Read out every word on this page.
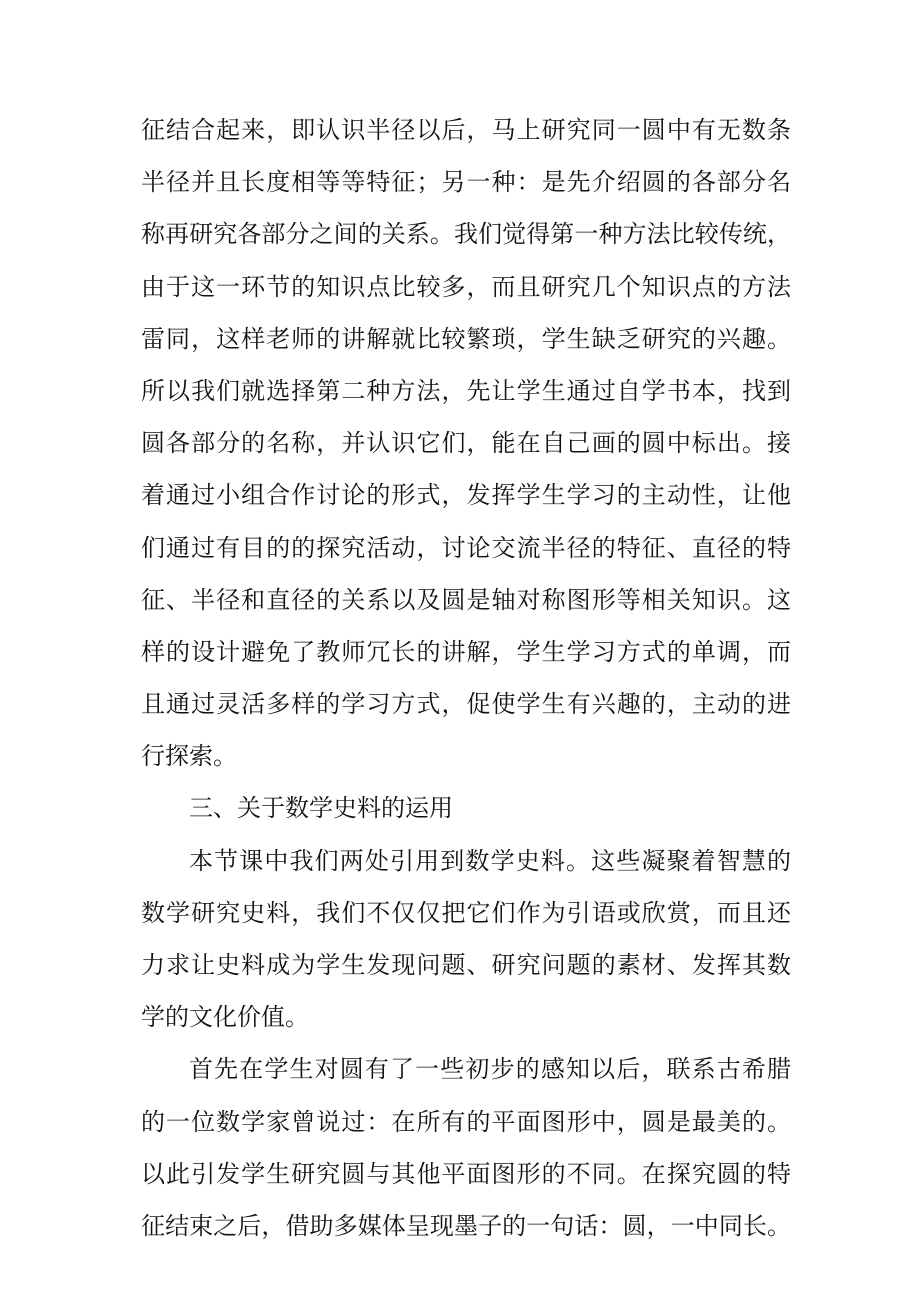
征结合起来，即认识半径以后，马上研究同一圆中有无数条
半径并且长度相等等特征；另一种：是先介绍圆的各部分名
称再研究各部分之间的关系。我们觉得第一种方法比较传统，
由于这一环节的知识点比较多，而且研究几个知识点的方法
雷同，这样老师的讲解就比较繁琐，学生缺乏研究的兴趣。
所以我们就选择第二种方法，先让学生通过自学书本，找到
圆各部分的名称，并认识它们，能在自己画的圆中标出。接
着通过小组合作讨论的形式，发挥学生学习的主动性，让他
们通过有目的的探究活动，讨论交流半径的特征、直径的特
征、半径和直径的关系以及圆是轴对称图形等相关知识。这
样的设计避免了教师冗长的讲解，学生学习方式的单调，而
且通过灵活多样的学习方式，促使学生有兴趣的，主动的进
行探索。
三、关于数学史料的运用
本节课中我们两处引用到数学史料。这些凝聚着智慧的
数学研究史料，我们不仅仅把它们作为引语或欣赏，而且还
力求让史料成为学生发现问题、研究问题的素材、发挥其数
学的文化价值。
首先在学生对圆有了一些初步的感知以后，联系古希腊
的一位数学家曾说过：在所有的平面图形中，圆是最美的。
以此引发学生研究圆与其他平面图形的不同。在探究圆的特
征结束之后，借助多媒体呈现墨子的一句话：圆，一中同长。
